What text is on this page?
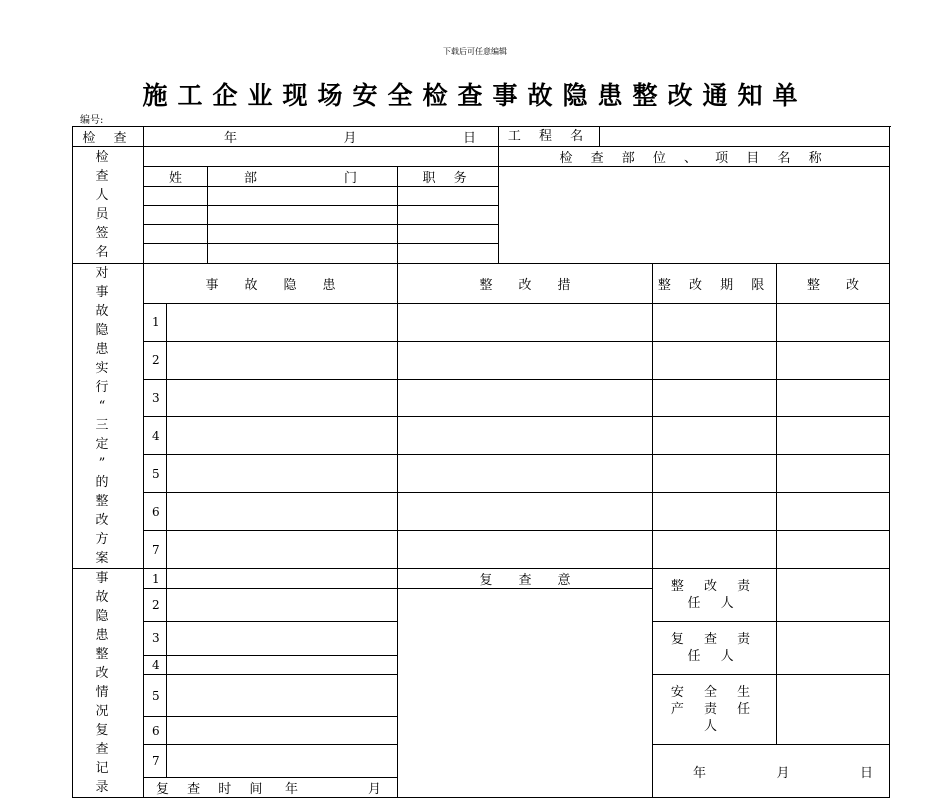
下载后可任意编辑
施工企业现场安全检查事故隐患整改通知单
编号:
检 查	年 月 日				工 程 名		

检 查 人 员 签 名					检 查 部 位 、 项 目 名 称		
	姓		部 门	职 务			

对 事 故 隐 患 实 行 “ 三 定 ” 的 整 改 方 案	事　　故　　隐　　患			整　　改　　措		整 改 期 限	整　　改
	1						
	2						
	3						
	4						
	5						
	6						
	7						
事 故 隐 患 整 改 情 况 复 查 记 录	1			复　　查　　意		整 改 责 任 人	
	2						
	3					复 查 责 任 人	
	4						
	5					安 全 生 产 责 任 人	
	6						
	7					年 月 日	

	复 查 时 间 年 月						
